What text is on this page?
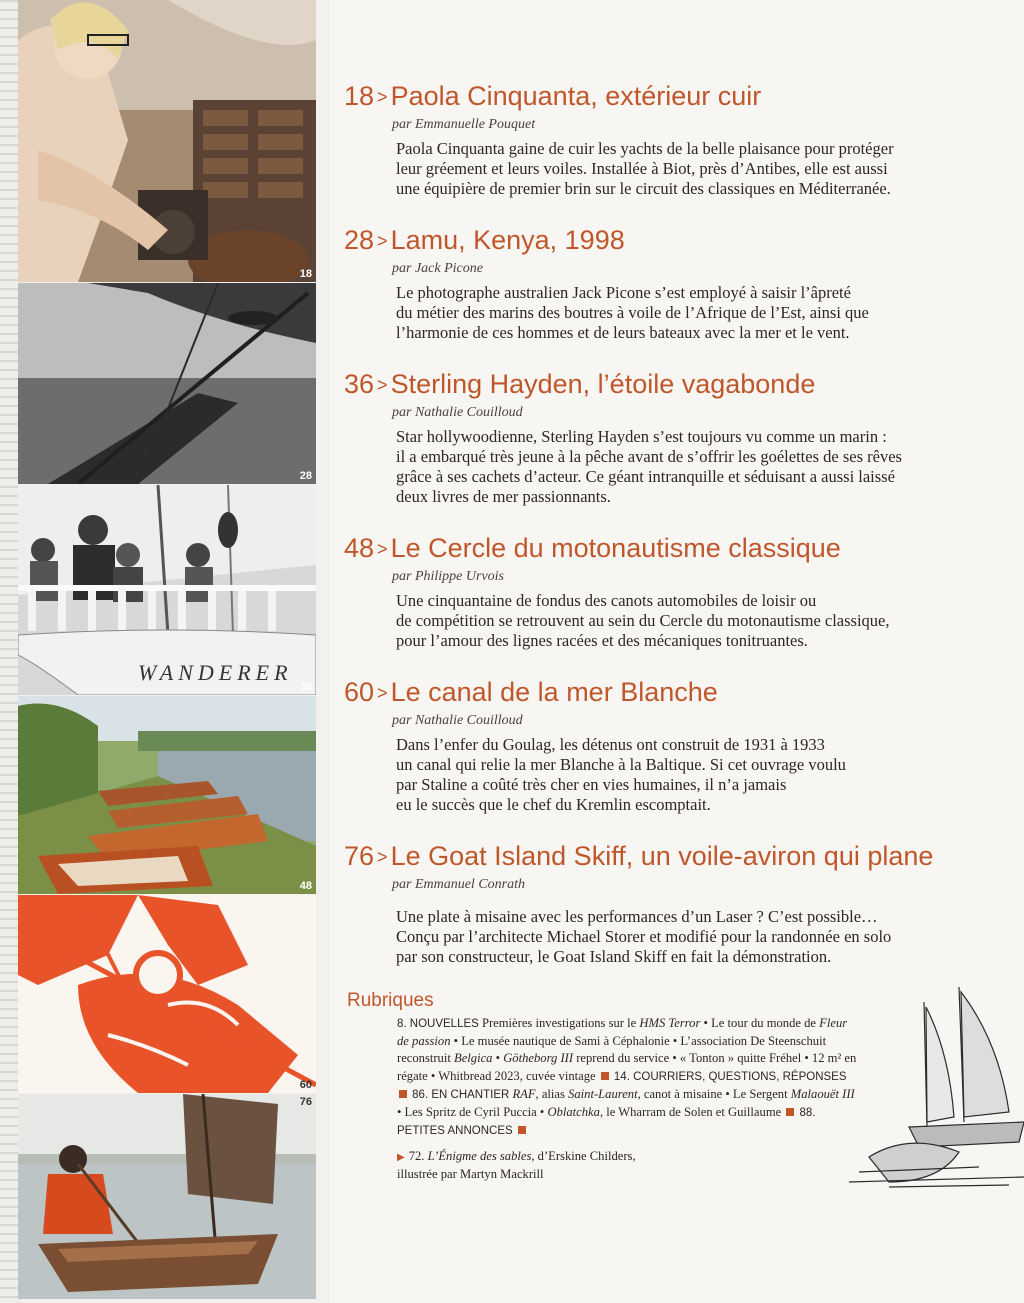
18
28
WANDERER
36
48
60
76
18 > Paola Cinquanta, extérieur cuir
par Emmanuelle Pouquet
Paola Cinquanta gaine de cuir les yachts de la belle plaisance pour protéger
leur gréement et leurs voiles. Installée à Biot, près d’Antibes, elle est aussi
une équipière de premier brin sur le circuit des classiques en Méditerranée.
28 > Lamu, Kenya, 1998
par Jack Picone
Le photographe australien Jack Picone s’est employé à saisir l’âpreté
du métier des marins des boutres à voile de l’Afrique de l’Est, ainsi que
l’harmonie de ces hommes et de leurs bateaux avec la mer et le vent.
36 > Sterling Hayden, l’étoile vagabonde
par Nathalie Couilloud
Star hollywoodienne, Sterling Hayden s’est toujours vu comme un marin :
il a embarqué très jeune à la pêche avant de s’offrir les goélettes de ses rêves
grâce à ses cachets d’acteur. Ce géant intranquille et séduisant a aussi laissé
deux livres de mer passionnants.
48 > Le Cercle du motonautisme classique
par Philippe Urvois
Une cinquantaine de fondus des canots automobiles de loisir ou
de compétition se retrouvent au sein du Cercle du motonautisme classique,
pour l’amour des lignes racées et des mécaniques tonitruantes.
60 > Le canal de la mer Blanche
par Nathalie Couilloud
Dans l’enfer du Goulag, les détenus ont construit de 1931 à 1933
un canal qui relie la mer Blanche à la Baltique. Si cet ouvrage voulu
par Staline a coûté très cher en vies humaines, il n’a jamais
eu le succès que le chef du Kremlin escomptait.
76 > Le Goat Island Skiff, un voile-aviron qui plane
par Emmanuel Conrath
Une plate à misaine avec les performances d’un Laser ? C’est possible…
Conçu par l’architecte Michael Storer et modifié pour la randonnée en solo
par son constructeur, le Goat Island Skiff en fait la démonstration.
Rubriques
8. NOUVELLES Premières investigations sur le HMS Terror • Le tour du monde de Fleur de passion • Le musée nautique de Sami à Céphalonie • L’association De Steenschuit reconstruit Belgica • Götheborg III reprend du service • « Tonton » quitte Fréhel • 12 m² en régate • Whitbread 2023, cuvée vintage  14. COURRIERS, QUESTIONS, RÉPONSES  86. EN CHANTIER RAF, alias Saint-Laurent, canot à misaine • Le Sergent Malaouët III • Les Spritz de Cyril Puccia • Oblatchka, le Wharram de Solen et Guillaume  88. PETITES ANNONCES
▶ 72. L’Énigme des sables, d’Erskine Childers,
illustrée par Martyn Mackrill
